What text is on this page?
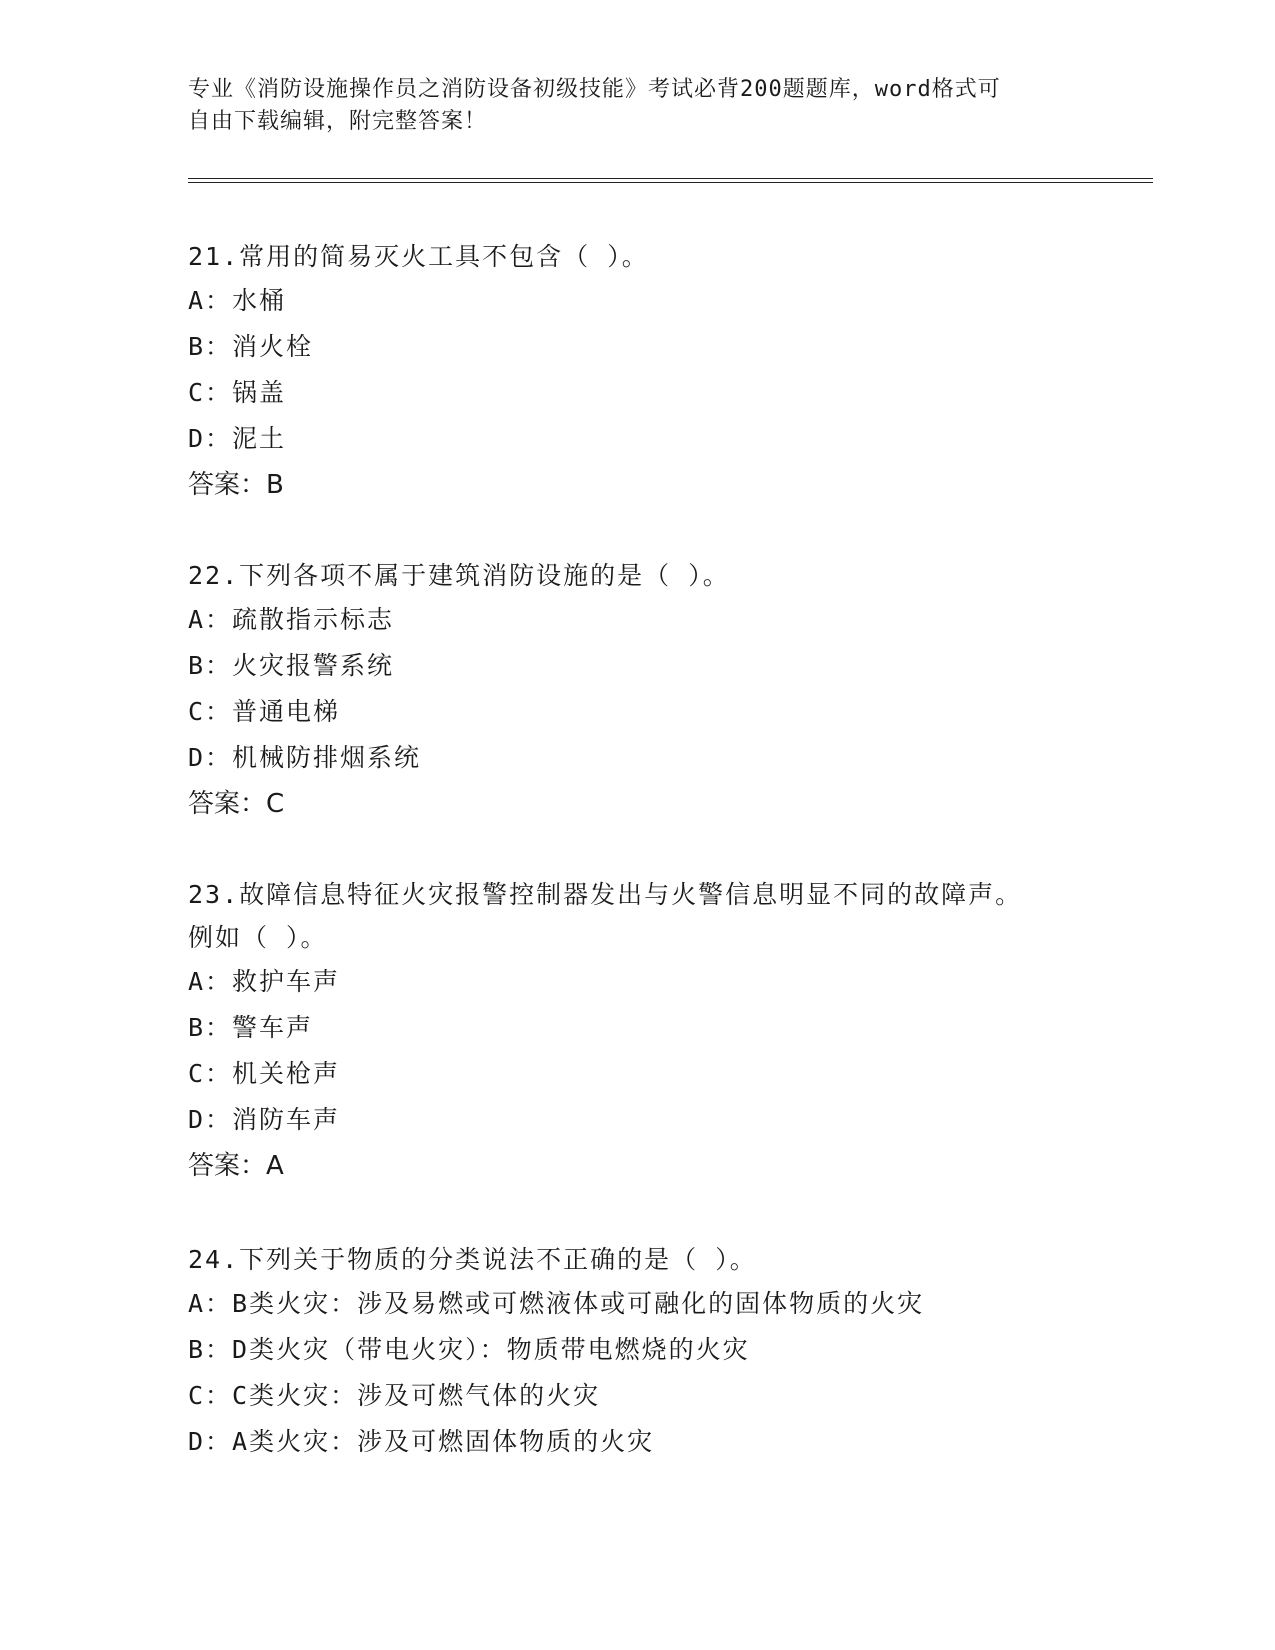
专业《消防设施操作员之消防设备初级技能》考试必背200题题库，word格式可
自由下载编辑，附完整答案！
21.常用的简易灭火工具不包含（ ）。
A：水桶
B：消火栓
C：锅盖
D：泥土
答案：B
22.下列各项不属于建筑消防设施的是（ ）。
A：疏散指示标志
B：火灾报警系统
C：普通电梯
D：机械防排烟系统
答案：C
23.故障信息特征火灾报警控制器发出与火警信息明显不同的故障声。
例如（ ）。
A：救护车声
B：警车声
C：机关枪声
D：消防车声
答案：A
24.下列关于物质的分类说法不正确的是（ ）。
A：B类火灾：涉及易燃或可燃液体或可融化的固体物质的火灾
B：D类火灾（带电火灾）：物质带电燃烧的火灾
C：C类火灾：涉及可燃气体的火灾
D：A类火灾：涉及可燃固体物质的火灾
